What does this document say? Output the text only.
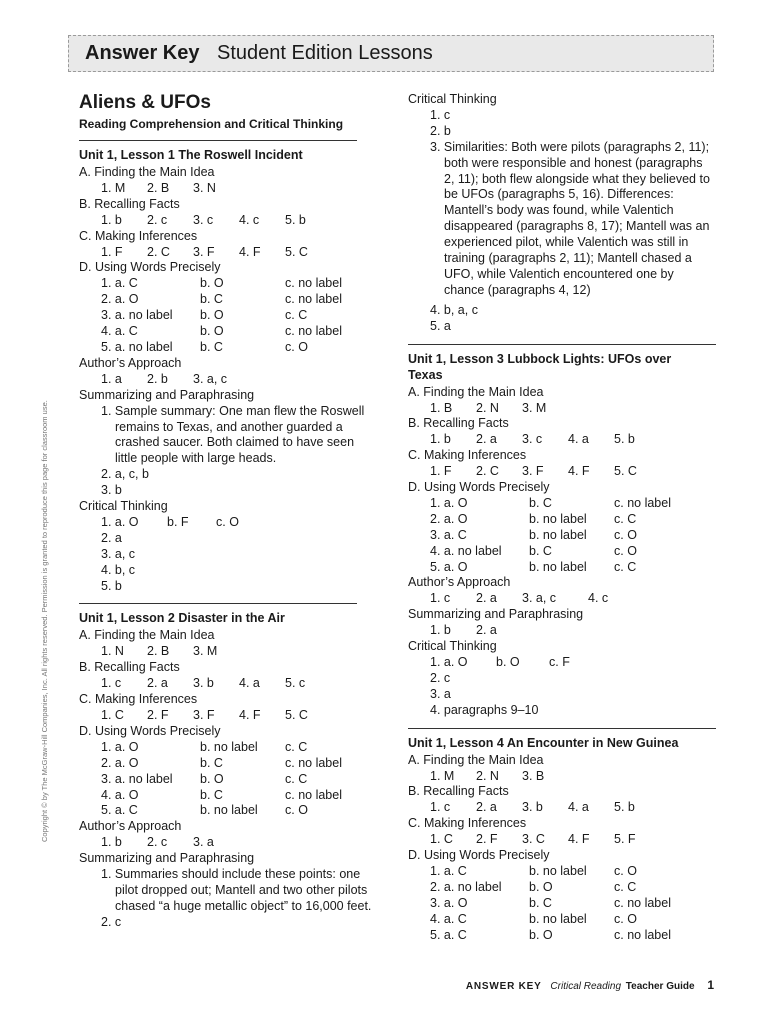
Answer Key Student Edition Lessons
Copyright © by The McGraw-Hill Companies, Inc. All rights reserved. Permission is granted to reproduce this page for classroom use.
Aliens & UFOs
Reading Comprehension and Critical Thinking
Unit 1, Lesson 1 The Roswell Incident
A. Finding the Main Idea
1. M	2. B	3. N
B. Recalling Facts
1. b	2. c	3. c	4. c	5. b
C. Making Inferences
1. F	2. C	3. F	4. F	5. C
D. Using Words Precisely
1. a. C	b. O	c. no label
2. a. O	b. C	c. no label
3. a. no label	b. O	c. C
4. a. C	b. O	c. no label
5. a. no label	b. C	c. O
Author’s Approach
1. a	2. b	3. a, c
Summarizing and Paraphrasing
1. Sample summary: One man flew the Roswell remains to Texas, and another guarded a crashed saucer. Both claimed to have seen little people with large heads.
2. a, c, b
3. b
Critical Thinking
1. a. O	b. F	c. O
2. a
3. a, c
4. b, c
5. b
Unit 1, Lesson 2 Disaster in the Air
A. Finding the Main Idea
1. N	2. B	3. M
B. Recalling Facts
1. c	2. a	3. b	4. a	5. c
C. Making Inferences
1. C	2. F	3. F	4. F	5. C
D. Using Words Precisely
1. a. O	b. no label	c. C
2. a. O	b. C	c. no label
3. a. no label	b. O	c. C
4. a. O	b. C	c. no label
5. a. C	b. no label	c. O
Author’s Approach
1. b	2. c	3. a
Summarizing and Paraphrasing
1. Summaries should include these points: one pilot dropped out; Mantell and two other pilots chased “a huge metallic object” to 16,000 feet.
2. c
Critical Thinking
1. c
2. b
3. Similarities: Both were pilots (paragraphs 2, 11); both were responsible and honest (paragraphs 2, 11); both flew alongside what they believed to be UFOs (paragraphs 5, 16). Differences: Mantell’s body was found, while Valentich disappeared (paragraphs 8, 17); Mantell was an experienced pilot, while Valentich was still in training (paragraphs 2, 11); Mantell chased a UFO, while Valentich encountered one by chance (paragraphs 4, 12)
4. b, a, c
5. a
Unit 1, Lesson 3 Lubbock Lights: UFOs over Texas
A. Finding the Main Idea
1. B	2. N	3. M
B. Recalling Facts
1. b	2. a	3. c	4. a	5. b
C. Making Inferences
1. F	2. C	3. F	4. F	5. C
D. Using Words Precisely
1. a. O	b. C	c. no label
2. a. O	b. no label	c. C
3. a. C	b. no label	c. O
4. a. no label	b. C	c. O
5. a. O	b. no label	c. C
Author’s Approach
1. c	2. a	3. a, c	4. c
Summarizing and Paraphrasing
1. b	2. a
Critical Thinking
1. a. O	b. O	c. F
2. c
3. a
4. paragraphs 9–10
Unit 1, Lesson 4 An Encounter in New Guinea
A. Finding the Main Idea
1. M	2. N	3. B
B. Recalling Facts
1. c	2. a	3. b	4. a	5. b
C. Making Inferences
1. C	2. F	3. C	4. F	5. F
D. Using Words Precisely
1. a. C	b. no label	c. O
2. a. no label	b. O	c. C
3. a. O	b. C	c. no label
4. a. C	b. no label	c. O
5. a. C	b. O	c. no label
ANSWER KEY Critical Reading Teacher Guide 1
